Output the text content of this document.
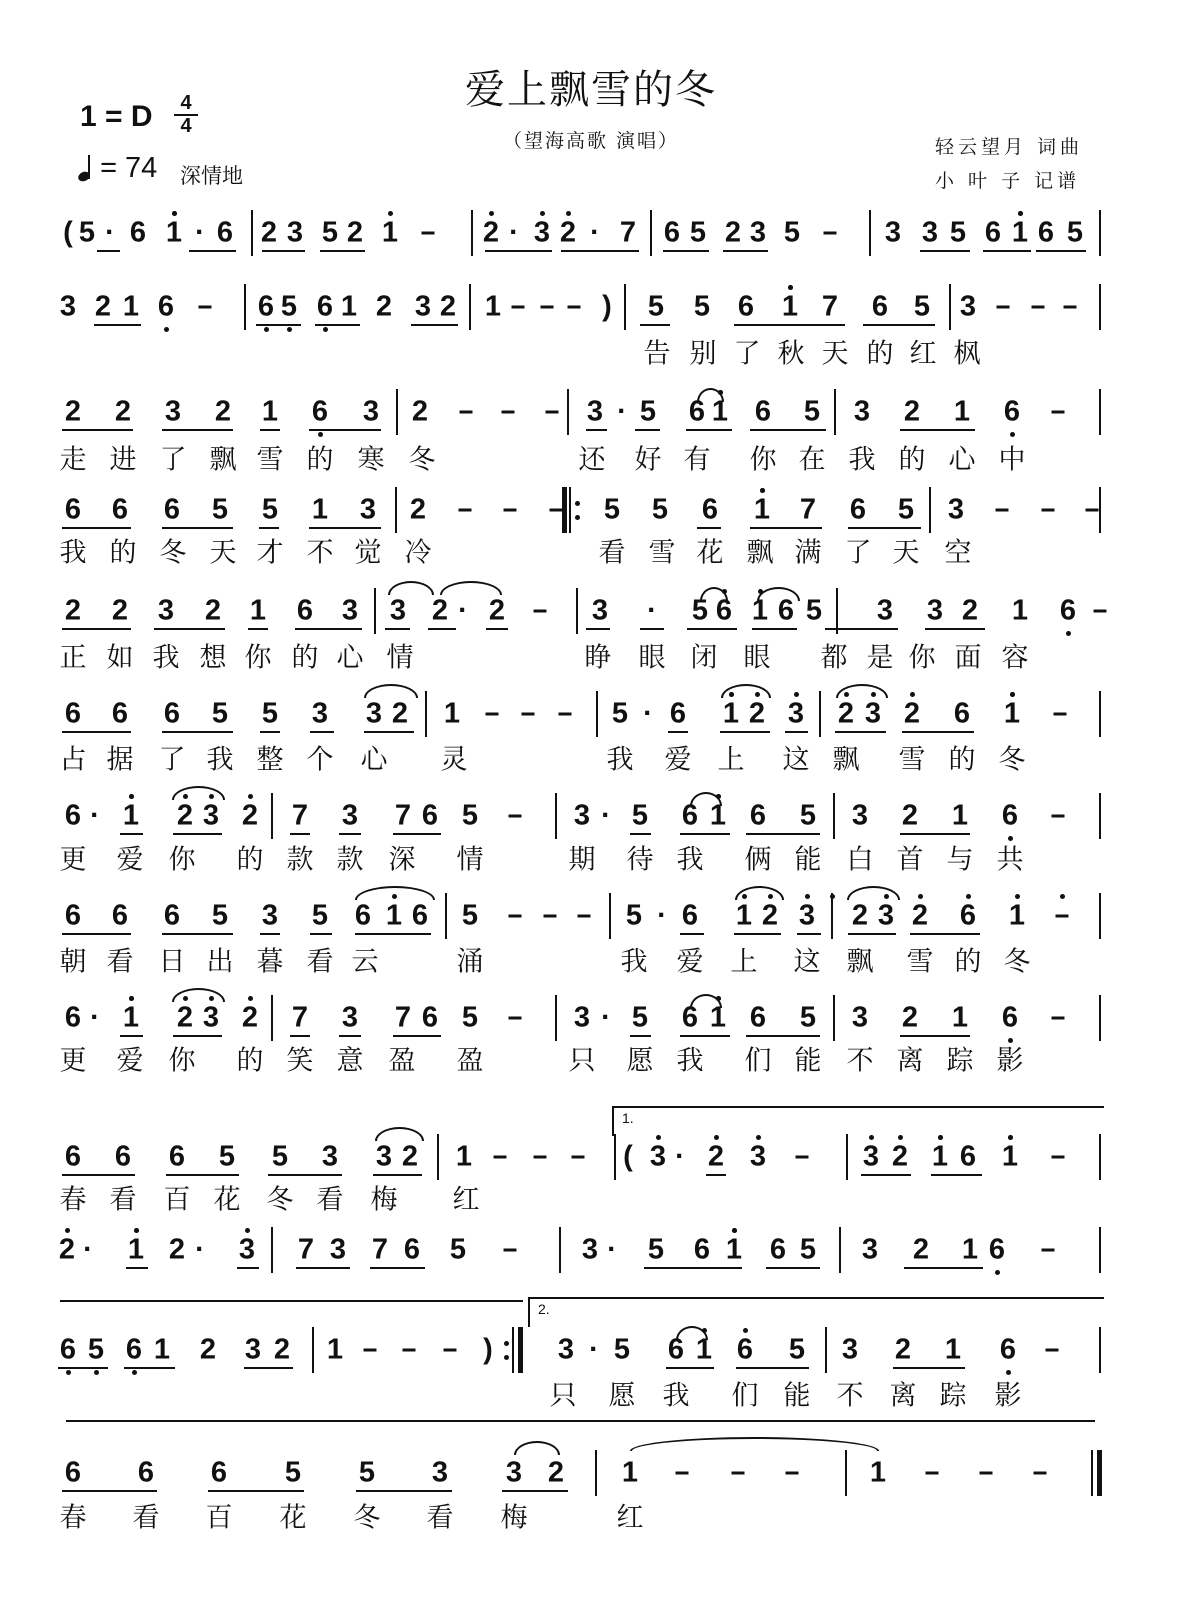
爱上飘雪的冬
（望海高歌 演唱）
1 = D	4
4
= 74 深情地
轻云望月 词曲
小 叶 子 记谱
( 5 · 6 1 · 6 2 3 5 2 1	2 · 3 2 · 7 6 5 2 3 5	3 3 5 6 1 6 5
3 2 1 6	6 5 6 1 2 3 2 1	) 5 5 6 1 7 6 5 3
告 别 了 秋 天 的 红 枫
2 2 3 2 1 6 3 2	3 · 5 6 1 6 5 3 2 1 6
走 进 了 飘 雪 的 寒 冬	还 好 有 你 在 我 的 心 中
6 6 6 5 5 1 3 2	5 5 6 1 7 6 5 3
我 的 冬 天 才 不 觉 冷	看 雪 花 飘 满 了 天 空
2 2 3 2 1 6 3 3 2 · 2	3 · 5 6 1 6 5 3 3 2 1 6
正 如 我 想 你 的 心 情	睁 眼 闭 眼 都 是 你 面 容
6 6 6 5 5 3 3 2 1	5 · 6 1 2 3 2 3 2 6 1
占 据 了 我 整 个 心 灵	我 爱 上 这 飘 雪 的 冬
6 · 1 2 3 2 7 3 7 6 5	3 · 5 6 1 6 5 3 2 1 6
更 爱 你 的 款 款 深 情	期 待 我 俩 能 白 首 与 共
6 6 6 5 3 5 6 1 6 5	5 · 6 1 2 3 2 3 2 6 1
朝 看 日 出 暮 看 云	涌	我 爱 上 这 飘 雪 的 冬
6 · 1 2 3 2 7 3 7 6 5	3 · 5 6 1 6 5 3 2 1 6
更 爱 你 的 笑 意 盈 盈	只 愿 我 们 能 不 离 踪 影
6 6 6 5 5 3 3 2 1	( 3 · 2 3	3 2 1 6 1
春 看 百 花 冬 看 梅 红
1.
2 · 1 2 · 3 7 3 7 6 5	3 · 5 6 1 6 5 3 2 1 6
6 5 6 1 2 3 2 1	) 3 · 5 6 1 6 5 3 2 1 6
只 愿 我 们 能 不 离 踪 影
2.
6 6 6 5 5 3 3 2 1	1
春 看 百 花 冬 看 梅	红
